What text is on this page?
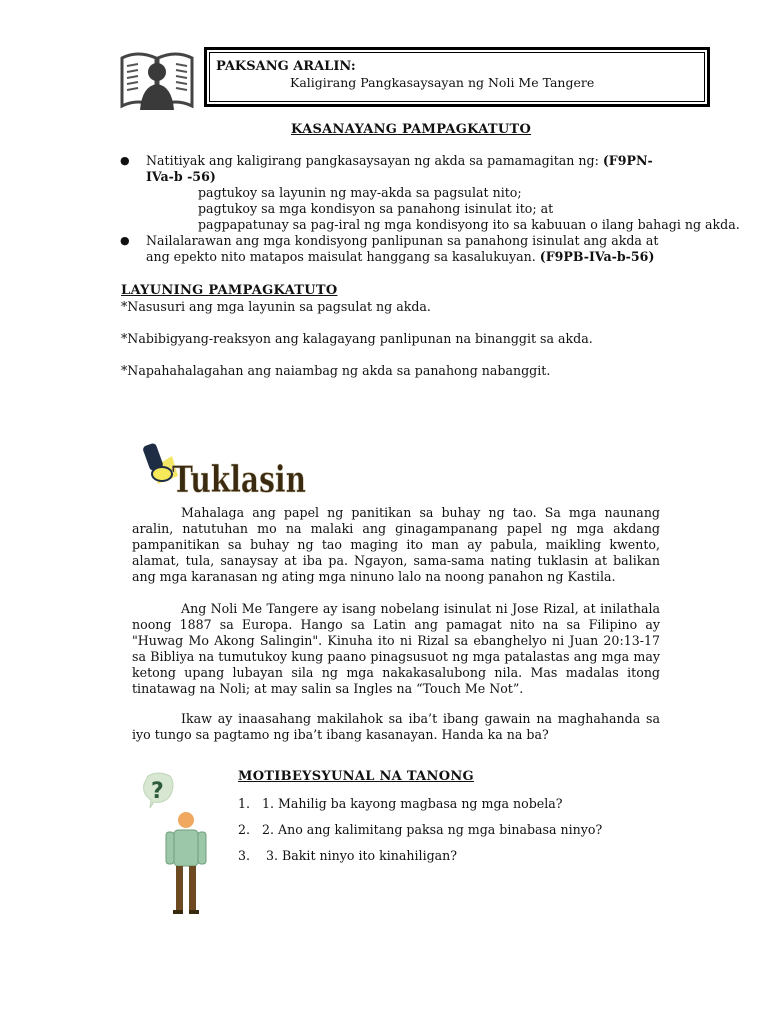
PAKSANG ARALIN:
Kaligirang Pangkasaysayan ng Noli Me Tangere
KASANAYANG PAMPAGKATUTO
● Natitiyak ang kaligirang pangkasaysayan ng akda sa pamamagitan ng: (F9PN-IVa-b -56)
pagtukoy sa layunin ng may-akda sa pagsulat nito;
pagtukoy sa mga kondisyon sa panahong isinulat ito; at
pagpapatunay sa pag-iral ng mga kondisyong ito sa kabuuan o ilang bahagi ng akda.
● Nailalarawan ang mga kondisyong panlipunan sa panahong isinulat ang akda at ang epekto nito matapos maisulat hanggang sa kasalukuyan. (F9PB-IVa-b-56)
LAYUNING PAMPAGKATUTO
*Nasusuri ang mga layunin sa pagsulat ng akda.
*Nabibigyang-reaksyon ang kalagayang panlipunan na binanggit sa akda.
*Napahahalagahan ang naiambag ng akda sa panahong nabanggit.
Tuklasin
Mahalaga ang papel ng panitikan sa buhay ng tao. Sa mga naunang aralin, natutuhan mo na malaki ang ginagampanang papel ng mga akdang pampanitikan sa buhay ng tao maging ito man ay pabula, maikling kwento, alamat, tula, sanaysay at iba pa. Ngayon, sama-sama nating tuklasin at balikan ang mga karanasan ng ating mga ninuno lalo na noong panahon ng Kastila.
Ang Noli Me Tangere ay isang nobelang isinulat ni Jose Rizal, at inilathala noong 1887 sa Europa. Hango sa Latin ang pamagat nito na sa Filipino ay "Huwag Mo Akong Salingin". Kinuha ito ni Rizal sa ebanghelyo ni Juan 20:13-17 sa Bibliya na tumutukoy kung paano pinagsusuot ng mga patalastas ang mga may ketong upang lubayan sila ng mga nakakasalubong nila. Mas madalas itong tinatawag na Noli; at may salin sa Ingles na “Touch Me Not”.
Ikaw ay inaasahang makilahok sa iba’t ibang gawain na maghahanda sa iyo tungo sa pagtamo ng iba’t ibang kasanayan. Handa ka na ba?
?
MOTIBEYSYUNAL NA TANONG
1. 1. Mahilig ba kayong magbasa ng mga nobela?
2. 2. Ano ang kalimitang paksa ng mga binabasa ninyo?
3. 3. Bakit ninyo ito kinahiligan?
